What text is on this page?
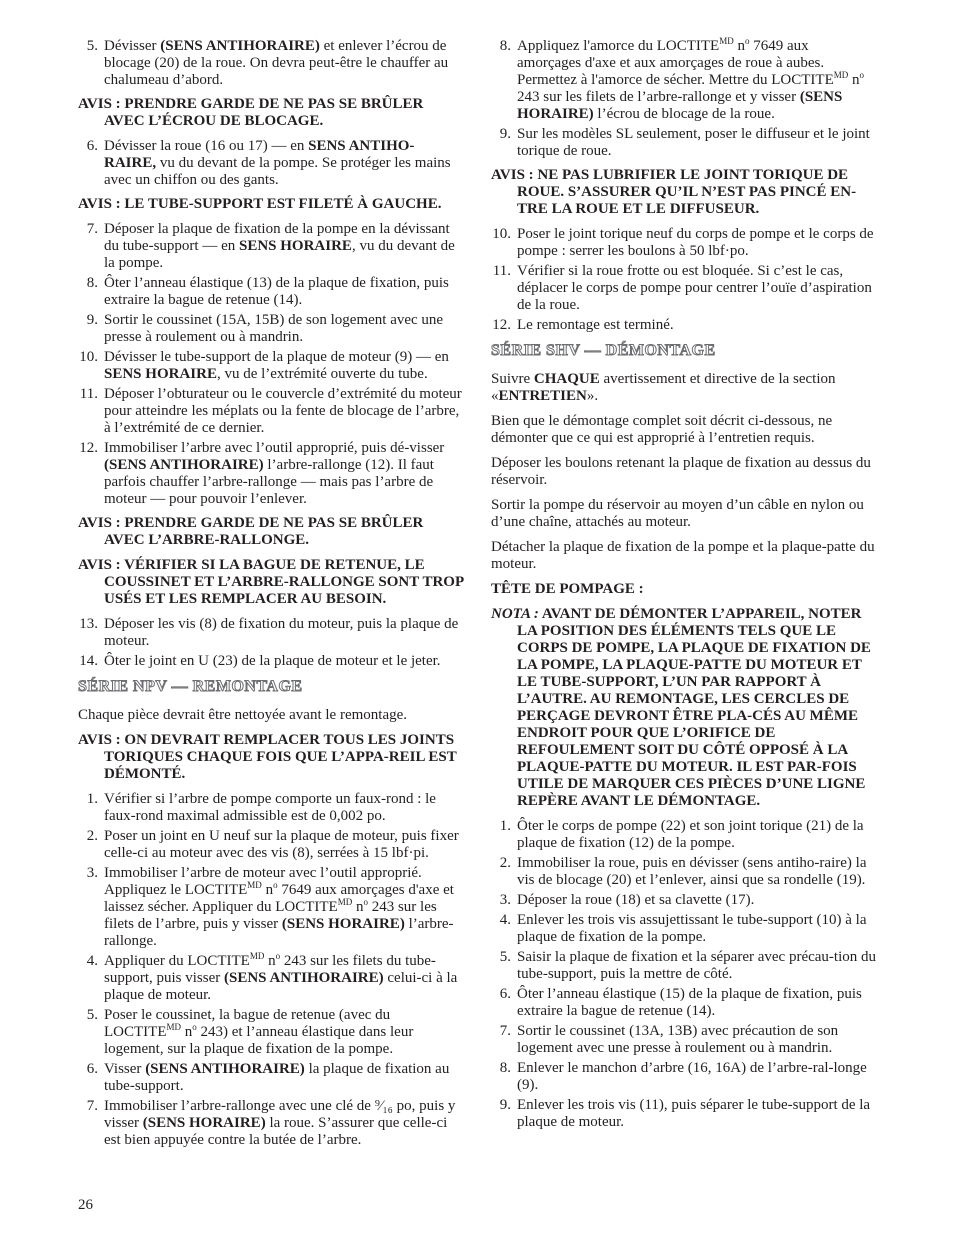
5. Dévisser (SENS ANTIHORAIRE) et enlever l’écrou de blocage (20) de la roue. On devra peut-être le chauffer au chalumeau d’abord.
AVIS : PRENDRE GARDE DE NE PAS SE BRÛLER AVEC L’ÉCROU DE BLOCAGE.
6. Dévisser la roue (16 ou 17) — en SENS ANTIHO-RAIRE, vu du devant de la pompe. Se protéger les mains avec un chiffon ou des gants.
AVIS : LE TUBE-SUPPORT EST FILETÉ À GAUCHE.
7. Déposer la plaque de fixation de la pompe en la dévissant du tube-support — en SENS HORAIRE, vu du devant de la pompe.
8. Ôter l’anneau élastique (13) de la plaque de fixation, puis extraire la bague de retenue (14).
9. Sortir le coussinet (15A, 15B) de son logement avec une presse à roulement ou à mandrin.
10. Dévisser le tube-support de la plaque de moteur (9) — en SENS HORAIRE, vu de l’extrémité ouverte du tube.
11. Déposer l’obturateur ou le couvercle d’extrémité du moteur pour atteindre les méplats ou la fente de blocage de l’arbre, à l’extrémité de ce dernier.
12. Immobiliser l’arbre avec l’outil approprié, puis dé-visser (SENS ANTIHORAIRE) l’arbre-rallonge (12). Il faut parfois chauffer l’arbre-rallonge — mais pas l’arbre de moteur — pour pouvoir l’enlever.
AVIS : PRENDRE GARDE DE NE PAS SE BRÛLER AVEC L’ARBRE-RALLONGE.
AVIS : VÉRIFIER SI LA BAGUE DE RETENUE, LE COUSSINET ET L’ARBRE-RALLONGE SONT TROP USÉS ET LES REMPLACER AU BESOIN.
13. Déposer les vis (8) de fixation du moteur, puis la plaque de moteur.
14. Ôter le joint en U (23) de la plaque de moteur et le jeter.
SÉRIE NPV — REMONTAGE

Chaque pièce devrait être nettoyée avant le remontage.

AVIS : ON DEVRAIT REMPLACER TOUS LES JOINTS TORIQUES CHAQUE FOIS QUE L’APPA-REIL EST DÉMONTÉ.
1. Vérifier si l’arbre de pompe comporte un faux-rond : le faux-rond maximal admissible est de 0,002 po.
2. Poser un joint en U neuf sur la plaque de moteur, puis fixer celle-ci au moteur avec des vis (8), serrées à 15 lbf·pi.
3. Immobiliser l’arbre de moteur avec l’outil approprié. Appliquez le $LOCTITE^{MD}$ $n^o$ 7649 aux amorçages d'axe et laissez sécher. Appliquer du $LOCTITE^{MD}$ $n^o$ 243 sur les filets de l’arbre, puis y visser (SENS HORAIRE) l’arbre-rallonge.
4. Appliquer du $LOCTITE^{MD}$ $n^o$ 243 sur les filets du tube-support, puis visser (SENS ANTIHORAIRE) celui-ci à la plaque de moteur.
5. Poser le coussinet, la bague de retenue (avec du $LOCTITE^{MD}$ $n^o$ 243) et l’anneau élastique dans leur logement, sur la plaque de fixation de la pompe.
6. Visser (SENS ANTIHORAIRE) la plaque de fixation au tube-support.
7. Immobiliser l’arbre-rallonge avec une clé de ⁹⁄₁₆ po, puis y visser (SENS HORAIRE) la roue. S’assurer que celle-ci est bien appuyée contre la butée de l’arbre.
8. Appliquez l'amorce du $LOCTITE^{MD}$ $n^o$ 7649 aux amorçages d'axe et aux amorçages de roue à aubes. Permettez à l'amorce de sécher. Mettre du $LOCTITE^{MD}$ $n^o$ 243 sur les filets de l’arbre-rallonge et y visser (SENS HORAIRE) l’écrou de blocage de la roue.
9. Sur les modèles SL seulement, poser le diffuseur et le joint torique de roue.
AVIS : NE PAS LUBRIFIER LE JOINT TORIQUE DE ROUE. S’ASSURER QU’IL N’EST PAS PINCÉ EN-TRE LA ROUE ET LE DIFFUSEUR.
10. Poser le joint torique neuf du corps de pompe et le corps de pompe : serrer les boulons à 50 lbf·po.
11. Vérifier si la roue frotte ou est bloquée. Si c’est le cas, déplacer le corps de pompe pour centrer l’ouïe d’aspiration de la roue.
12. Le remontage est terminé.
SÉRIE SHV — DÉMONTAGE

Suivre CHAQUE avertissement et directive de la section «ENTRETIEN».

Bien que le démontage complet soit décrit ci-dessous, ne démonter que ce qui est approprié à l’entretien requis.

Déposer les boulons retenant la plaque de fixation au dessus du réservoir.

Sortir la pompe du réservoir au moyen d’un câble en nylon ou d’une chaîne, attachés au moteur.

Détacher la plaque de fixation de la pompe et la plaque-patte du moteur.

TÊTE DE POMPAGE :
NOTA : AVANT DE DÉMONTER L’APPAREIL, NOTER LA POSITION DES ÉLÉMENTS TELS QUE LE CORPS DE POMPE, LA PLAQUE DE FIXATION DE LA POMPE, LA PLAQUE-PATTE DU MOTEUR ET LE TUBE-SUPPORT, L’UN PAR RAPPORT À L’AUTRE. AU REMONTAGE, LES CERCLES DE PERÇAGE DEVRONT ÊTRE PLA-CÉS AU MÊME ENDROIT POUR QUE L’ORIFICE DE REFOULEMENT SOIT DU CÔTÉ OPPOSÉ À LA PLAQUE-PATTE DU MOTEUR. IL EST PAR-FOIS UTILE DE MARQUER CES PIÈCES D’UNE LIGNE REPÈRE AVANT LE DÉMONTAGE.
1. Ôter le corps de pompe (22) et son joint torique (21) de la plaque de fixation (12) de la pompe.
2. Immobiliser la roue, puis en dévisser (sens antiho-raire) la vis de blocage (20) et l’enlever, ainsi que sa rondelle (19).
3. Déposer la roue (18) et sa clavette (17).
4. Enlever les trois vis assujettissant le tube-support (10) à la plaque de fixation de la pompe.
5. Saisir la plaque de fixation et la séparer avec précau-tion du tube-support, puis la mettre de côté.
6. Ôter l’anneau élastique (15) de la plaque de fixation, puis extraire la bague de retenue (14).
7. Sortir le coussinet (13A, 13B) avec précaution de son logement avec une presse à roulement ou à mandrin.
8. Enlever le manchon d’arbre (16, 16A) de l’arbre-ral-longe (9).
9. Enlever les trois vis (11), puis séparer le tube-support de la plaque de moteur.
26
